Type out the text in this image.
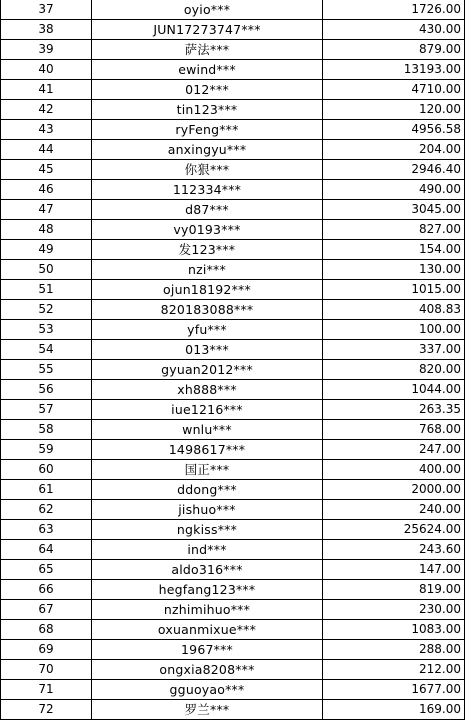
37	oyio***	1726.00
38	JUN17273747***	430.00
39	萨法***	879.00
40	ewind***	13193.00
41	012***	4710.00
42	tin123***	120.00
43	ryFeng***	4956.58
44	anxingyu***	204.00
45	你狠***	2946.40
46	112334***	490.00
47	d87***	3045.00
48	vy0193***	827.00
49	发123***	154.00
50	nzi***	130.00
51	ojun18192***	1015.00
52	820183088***	408.83
53	yfu***	100.00
54	013***	337.00
55	gyuan2012***	820.00
56	xh888***	1044.00
57	iue1216***	263.35
58	wnlu***	768.00
59	1498617***	247.00
60	国正***	400.00
61	ddong***	2000.00
62	jishuo***	240.00
63	ngkiss***	25624.00
64	ind***	243.60
65	aldo316***	147.00
66	hegfang123***	819.00
67	nzhimihuo***	230.00
68	oxuanmixue***	1083.00
69	1967***	288.00
70	ongxia8208***	212.00
71	gguoyao***	1677.00
72	罗兰***	169.00
